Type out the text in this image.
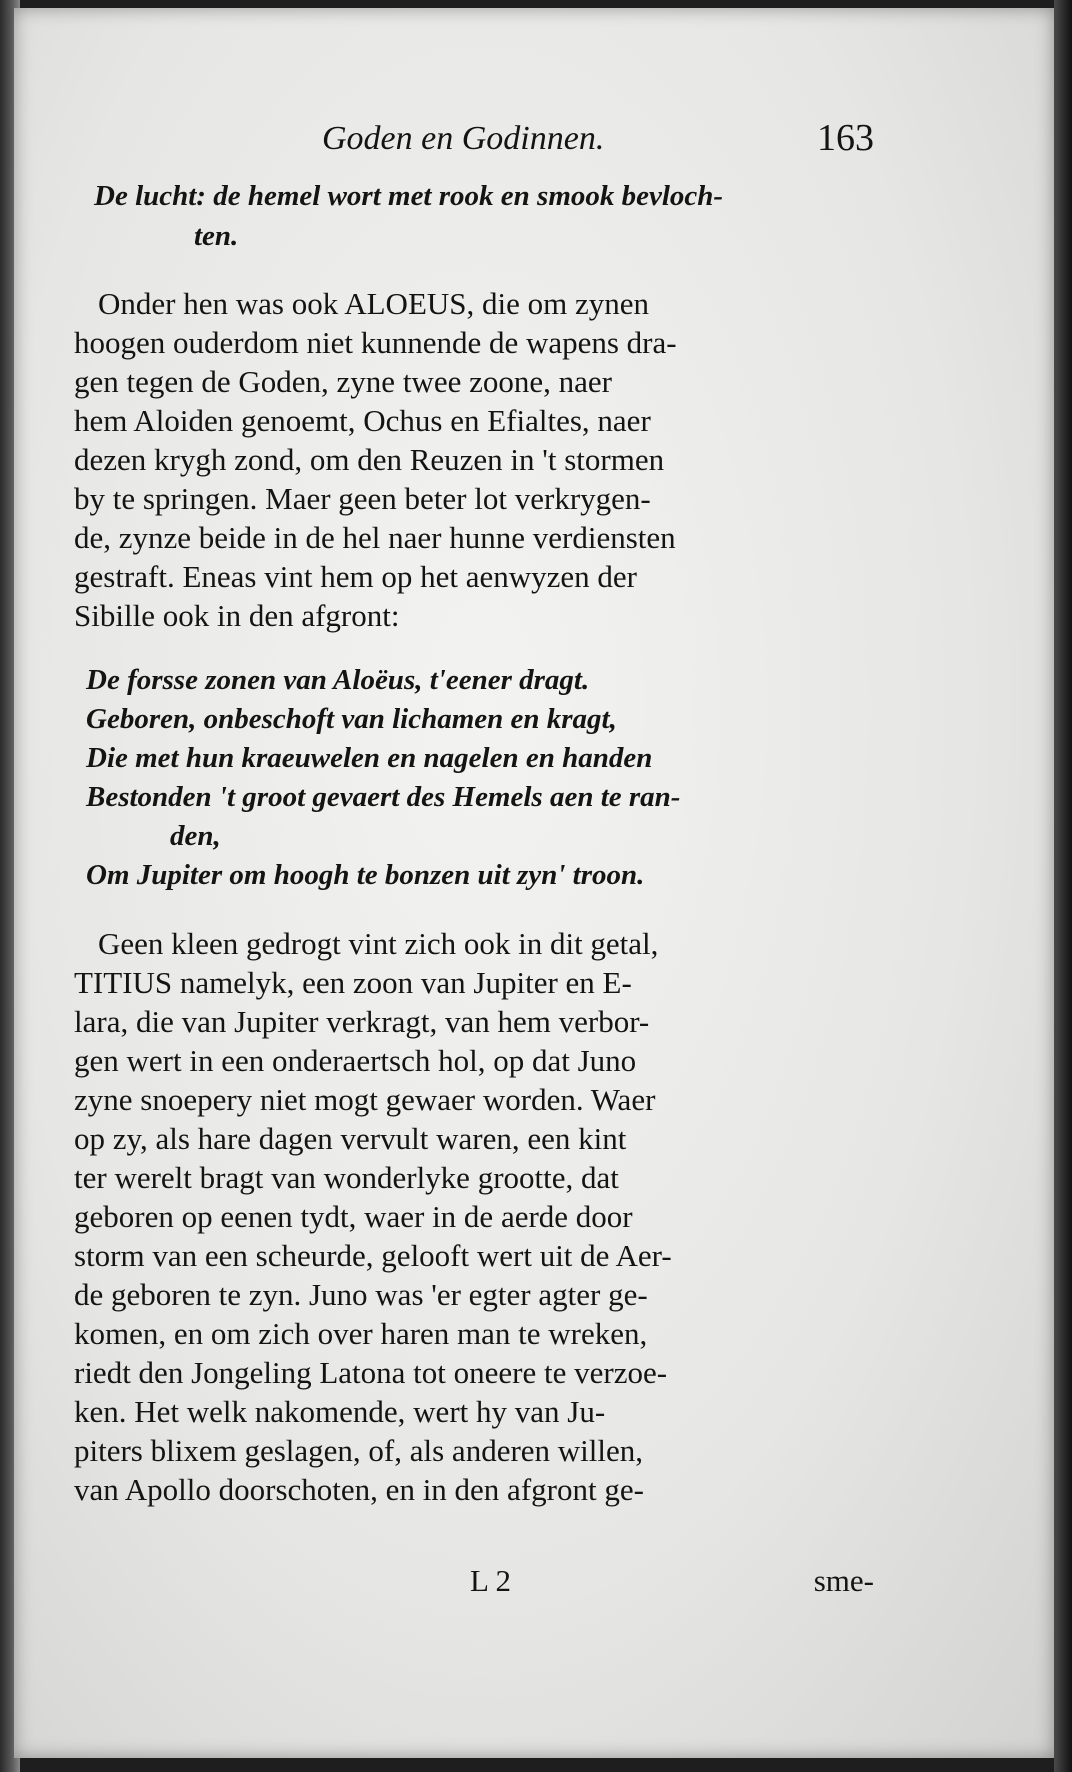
Goden en Godinnen.	163
De lucht: de hemel wort met rook en smook bevloch-
ten.
Onder hen was ook ALOEUS, die om zynen
hoogen ouderdom niet kunnende de wapens dra-
gen tegen de Goden, zyne twee zoone, naer
hem Aloiden genoemt, Ochus en Efialtes, naer
dezen krygh zond, om den Reuzen in 't stormen
by te springen. Maer geen beter lot verkrygen-
de, zynze beide in de hel naer hunne verdiensten
gestraft. Eneas vint hem op het aenwyzen der
Sibille ook in den afgront:
De forsse zonen van Aloëus, t'eener dragt.
Geboren, onbeschoft van lichamen en kragt,
Die met hun kraeuwelen en nagelen en handen
Bestonden 't groot gevaert des Hemels aen te ran-
den,
Om Jupiter om hoogh te bonzen uit zyn' troon.
Geen kleen gedrogt vint zich ook in dit getal,
TITIUS namelyk, een zoon van Jupiter en E-
lara, die van Jupiter verkragt, van hem verbor-
gen wert in een onderaertsch hol, op dat Juno
zyne snoepery niet mogt gewaer worden. Waer
op zy, als hare dagen vervult waren, een kint
ter werelt bragt van wonderlyke grootte, dat
geboren op eenen tydt, waer in de aerde door
storm van een scheurde, gelooft wert uit de Aer-
de geboren te zyn. Juno was 'er egter agter ge-
komen, en om zich over haren man te wreken,
riedt den Jongeling Latona tot oneere te verzoe-
ken. Het welk nakomende, wert hy van Ju-
piters blixem geslagen, of, als anderen willen,
van Apollo doorschoten, en in den afgront ge-
L 2	sme-
